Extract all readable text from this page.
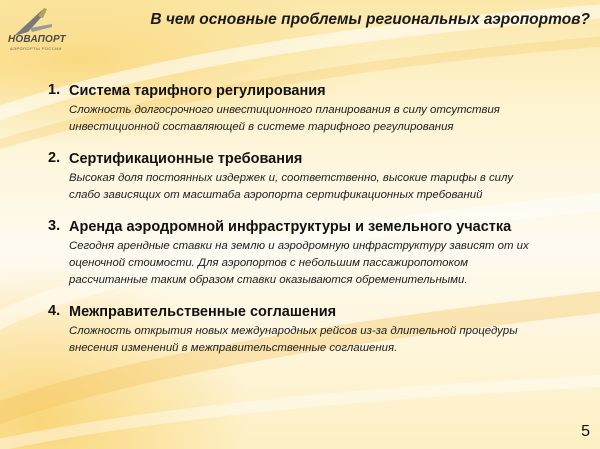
НОВАПОРТ
АЭРОПОРТЫ РОССИИ
В чем основные проблемы региональных аэропортов?
1. Система тарифного регулирования
Сложность долгосрочного инвестиционного планирования в силу отсутствия инвестиционной составляющей в системе тарифного регулирования
2. Сертификационные требования
Высокая доля постоянных издержек и, соответственно, высокие тарифы в силу слабо зависящих от масштаба аэропорта сертификационных требований
3. Аренда аэродромной инфраструктуры и земельного участка
Сегодня арендные ставки на землю и аэродромную инфраструктуру зависят от их оценочной стоимости. Для аэропортов с небольшим пассажиропотоком рассчитанные таким образом ставки оказываются обременительными.
4. Межправительственные соглашения
Сложность открытия новых международных рейсов из-за длительной процедуры внесения изменений в межправительственные соглашения.
5
